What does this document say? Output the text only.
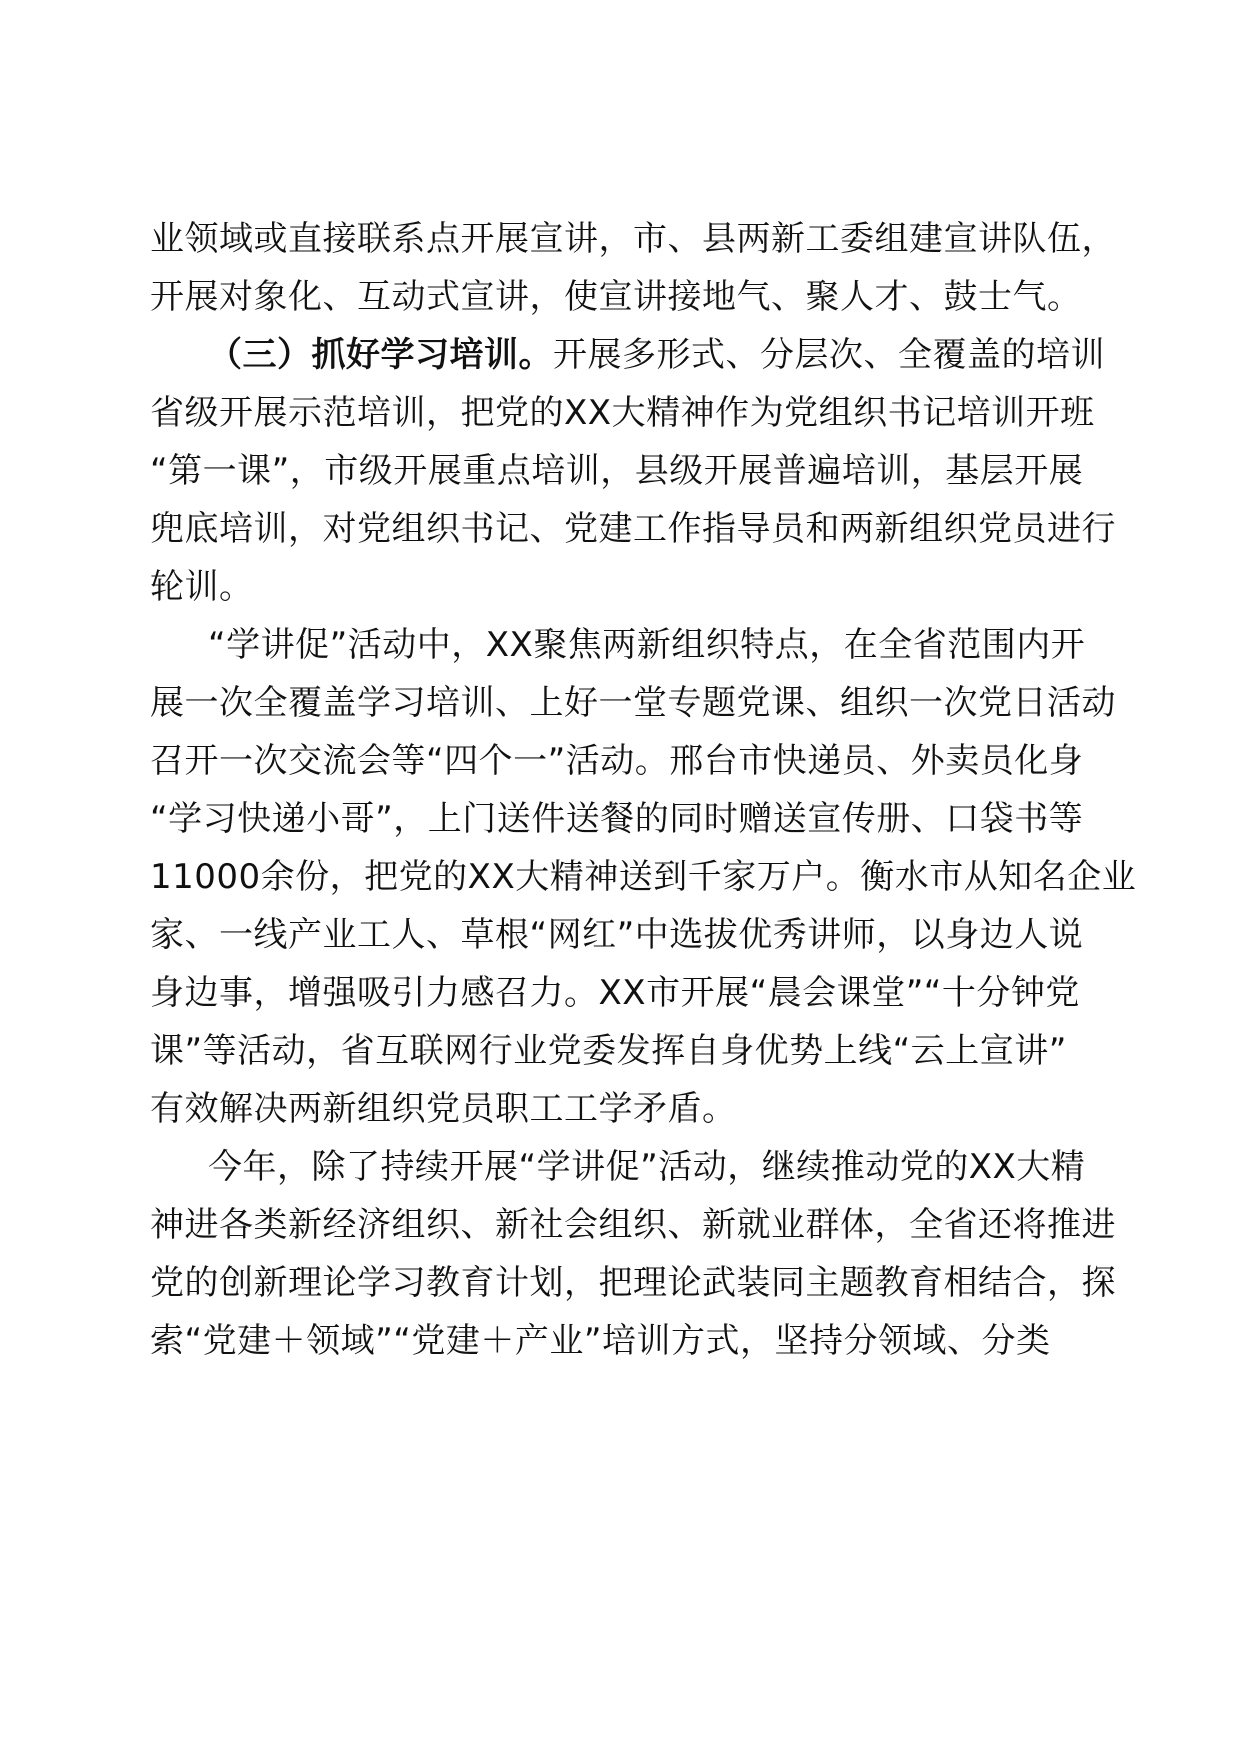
业领域或直接联系点开展宣讲，市、县两新工委组建宣讲队伍，
开展对象化、互动式宣讲，使宣讲接地气、聚人才、鼓士气。
（三）抓好学习培训。开展多形式、分层次、全覆盖的培训
省级开展示范培训，把党的XX大精神作为党组织书记培训开班
“第一课”，市级开展重点培训，县级开展普遍培训，基层开展
兜底培训，对党组织书记、党建工作指导员和两新组织党员进行
轮训。
“学讲促”活动中，XX聚焦两新组织特点，在全省范围内开
展一次全覆盖学习培训、上好一堂专题党课、组织一次党日活动
召开一次交流会等“四个一”活动。邢台市快递员、外卖员化身
“学习快递小哥”，上门送件送餐的同时赠送宣传册、口袋书等
11000余份，把党的XX大精神送到千家万户。衡水市从知名企业
家、一线产业工人、草根“网红”中选拔优秀讲师，以身边人说
身边事，增强吸引力感召力。XX市开展“晨会课堂”“十分钟党
课”等活动，省互联网行业党委发挥自身优势上线“云上宣讲”
有效解决两新组织党员职工工学矛盾。
今年，除了持续开展“学讲促”活动，继续推动党的XX大精
神进各类新经济组织、新社会组织、新就业群体，全省还将推进
党的创新理论学习教育计划，把理论武装同主题教育相结合，探
索“党建＋领域”“党建＋产业”培训方式，坚持分领域、分类
